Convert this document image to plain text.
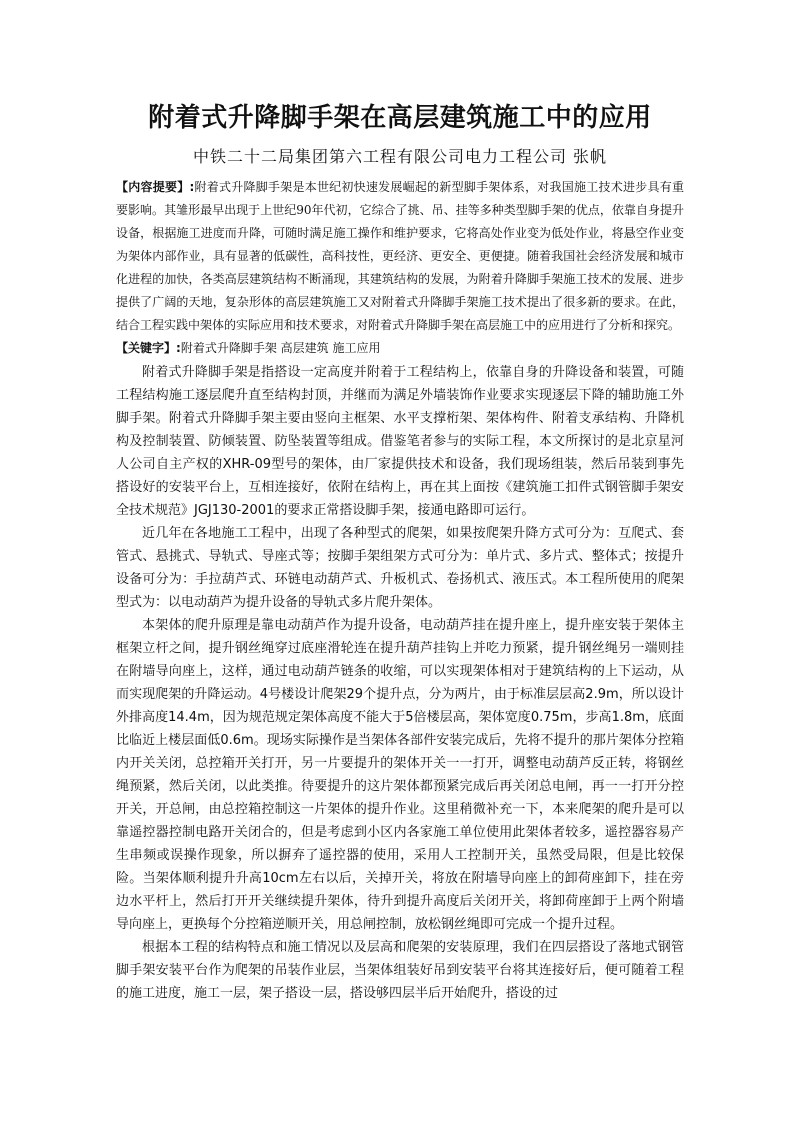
附着式升降脚手架在高层建筑施工中的应用
中铁二十二局集团第六工程有限公司电力工程公司 张帆

【内容提要】:附着式升降脚手架是本世纪初快速发展崛起的新型脚手架体系，对我国施工技术进步具有重要影响。其雏形最早出现于上世纪90年代初，它综合了挑、吊、挂等多种类型脚手架的优点，依靠自身提升设备，根据施工进度而升降，可随时满足施工操作和维护要求，它将高处作业变为低处作业，将悬空作业变为架体内部作业，具有显著的低碳性，高科技性，更经济、更安全、更便捷。随着我国社会经济发展和城市化进程的加快，各类高层建筑结构不断涌现，其建筑结构的发展，为附着升降脚手架施工技术的发展、进步提供了广阔的天地，复杂形体的高层建筑施工又对附着式升降脚手架施工技术提出了很多新的要求。在此，结合工程实践中架体的实际应用和技术要求，对附着式升降脚手架在高层施工中的应用进行了分析和探究。

【关键字】:附着式升降脚手架 高层建筑 施工应用

附着式升降脚手架是指搭设一定高度并附着于工程结构上，依靠自身的升降设备和装置，可随工程结构施工逐层爬升直至结构封顶，并继而为满足外墙装饰作业要求实现逐层下降的辅助施工外脚手架。附着式升降脚手架主要由竖向主框架、水平支撑桁架、架体构件、附着支承结构、升降机构及控制装置、防倾装置、防坠装置等组成。借鉴笔者参与的实际工程，本文所探讨的是北京星河人公司自主产权的XHR-09型号的架体，由厂家提供技术和设备，我们现场组装，然后吊装到事先搭设好的安装平台上，互相连接好，依附在结构上，再在其上面按《建筑施工扣件式钢管脚手架安全技术规范》JGJ130-2001的要求正常搭设脚手架，接通电路即可运行。

近几年在各地施工工程中，出现了各种型式的爬架，如果按爬架升降方式可分为：互爬式、套管式、悬挑式、导轨式、导座式等；按脚手架组架方式可分为：单片式、多片式、整体式；按提升设备可分为：手拉葫芦式、环链电动葫芦式、升板机式、卷扬机式、液压式。本工程所使用的爬架型式为：以电动葫芦为提升设备的导轨式多片爬升架体。

本架体的爬升原理是靠电动葫芦作为提升设备，电动葫芦挂在提升座上，提升座安装于架体主框架立杆之间，提升钢丝绳穿过底座滑轮连在提升葫芦挂钩上并吃力预紧，提升钢丝绳另一端则挂在附墙导向座上，这样，通过电动葫芦链条的收缩，可以实现架体相对于建筑结构的上下运动，从而实现爬架的升降运动。4号楼设计爬架29个提升点，分为两片，由于标准层层高2.9m，所以设计外排高度14.4m，因为规范规定架体高度不能大于5倍楼层高，架体宽度0.75m，步高1.8m，底面比临近上楼层面低0.6m。现场实际操作是当架体各部件安装完成后，先将不提升的那片架体分控箱内开关关闭，总控箱开关打开，另一片要提升的架体开关一一打开，调整电动葫芦反正转，将钢丝绳预紧，然后关闭，以此类推。待要提升的这片架体都预紧完成后再关闭总电闸，再一一打开分控开关，开总闸，由总控箱控制这一片架体的提升作业。这里稍微补充一下，本来爬架的爬升是可以靠遥控器控制电路开关闭合的，但是考虑到小区内各家施工单位使用此架体者较多，遥控器容易产生串频或误操作现象，所以摒弃了遥控器的使用，采用人工控制开关，虽然受局限，但是比较保险。当架体顺利提升升高10cm左右以后，关掉开关，将放在附墙导向座上的卸荷座卸下，挂在旁边水平杆上，然后打开开关继续提升架体，待升到提升高度后关闭开关，将卸荷座卸于上两个附墙导向座上，更换每个分控箱逆顺开关，用总闸控制，放松钢丝绳即可完成一个提升过程。

根据本工程的结构特点和施工情况以及层高和爬架的安装原理，我们在四层搭设了落地式钢管脚手架安装平台作为爬架的吊装作业层，当架体组装好吊到安装平台将其连接好后，便可随着工程的施工进度，施工一层，架子搭设一层，搭设够四层半后开始爬升，搭设的过
